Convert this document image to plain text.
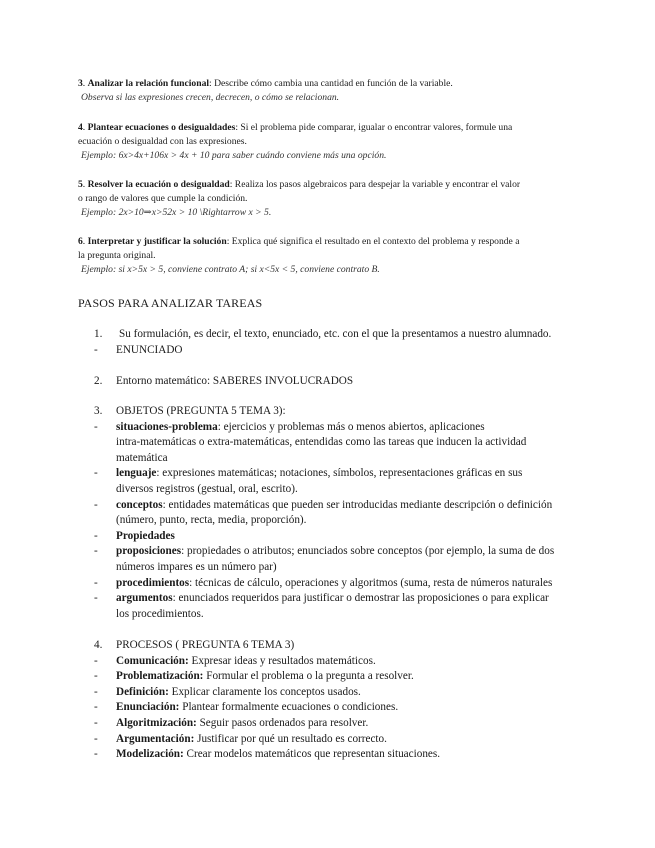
3. Analizar la relación funcional: Describe cómo cambia una cantidad en función de la variable.
Observa si las expresiones crecen, decrecen, o cómo se relacionan.
4. Plantear ecuaciones o desigualdades: Si el problema pide comparar, igualar o encontrar valores, formule una
ecuación o desigualdad con las expresiones.
Ejemplo: 6x>4x+106x > 4x + 10 para saber cuándo conviene más una opción.
5. Resolver la ecuación o desigualdad: Realiza los pasos algebraicos para despejar la variable y encontrar el valor
o rango de valores que cumple la condición.
Ejemplo: 2x>10⇒x>52x > 10 \Rightarrow x > 5.
6. Interpretar y justificar la solución: Explica qué significa el resultado en el contexto del problema y responde a
la pregunta original.
Ejemplo: si x>5x > 5, conviene contrato A; si x<5x < 5, conviene contrato B.
PASOS PARA ANALIZAR TAREAS
1.	Su formulación, es decir, el texto, enunciado, etc. con el que la presentamos a nuestro alumnado.
-	ENUNCIADO
2.	Entorno matemático: SABERES INVOLUCRADOS
3.	OBJETOS (PREGUNTA 5 TEMA 3):
-	situaciones-problema: ejercicios y problemas más o menos abiertos, aplicaciones
intra-matemáticas o extra-matemáticas, entendidas como las tareas que inducen la actividad
matemática
-	lenguaje: expresiones matemáticas; notaciones, símbolos, representaciones gráficas en sus
diversos registros (gestual, oral, escrito).
-	conceptos: entidades matemáticas que pueden ser introducidas mediante descripción o definición
(número, punto, recta, media, proporción).
-	Propiedades
-	proposiciones: propiedades o atributos; enunciados sobre conceptos (por ejemplo, la suma de dos
números impares es un número par)
-	procedimientos: técnicas de cálculo, operaciones y algoritmos (suma, resta de números naturales
-	argumentos: enunciados requeridos para justificar o demostrar las proposiciones o para explicar
los procedimientos.
4.	PROCESOS ( PREGUNTA 6 TEMA 3)
-	Comunicación: Expresar ideas y resultados matemáticos.
-	Problematización: Formular el problema o la pregunta a resolver.
-	Definición: Explicar claramente los conceptos usados.
-	Enunciación: Plantear formalmente ecuaciones o condiciones.
-	Algoritmización: Seguir pasos ordenados para resolver.
-	Argumentación: Justificar por qué un resultado es correcto.
-	Modelización: Crear modelos matemáticos que representan situaciones.
